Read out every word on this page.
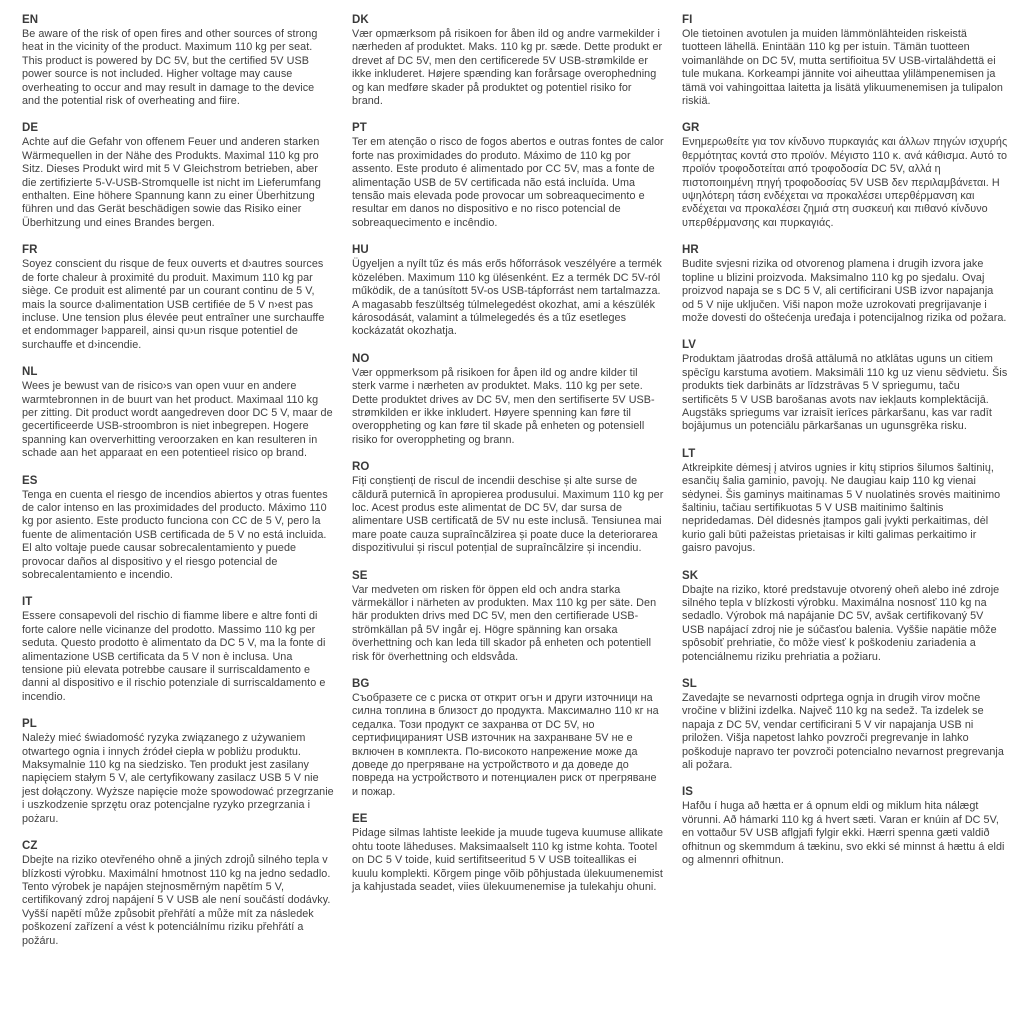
EN

Be aware of the risk of open fires and other sources of strong heat in the vicinity of the product. Maximum 110 kg per seat. This product is powered by DC 5V, but the certified 5V USB power source is not included. Higher voltage may cause overheating to occur and may result in damage to the device and the potential risk of overheating and fiire.

DE

Achte auf die Gefahr von offenem Feuer und anderen starken Wärmequellen in der Nähe des Produkts. Maximal 110 kg pro Sitz. Dieses Produkt wird mit 5 V Gleichstrom betrieben, aber die zertifizierte 5-V-USB-Stromquelle ist nicht im Lieferumfang enthalten. Eine höhere Spannung kann zu einer Überhitzung führen und das Gerät beschädigen sowie das Risiko einer Überhitzung und eines Brandes bergen.

FR

Soyez conscient du risque de feux ouverts et d›autres sources de forte chaleur à proximité du produit. Maximum 110 kg par siège. Ce produit est alimenté par un courant continu de 5 V, mais la source d›alimentation USB certifiée de 5 V n›est pas incluse. Une tension plus élevée peut entraîner une surchauffe et endommager l›appareil, ainsi qu›un risque potentiel de surchauffe et d›incendie.

NL

Wees je bewust van de risico›s van open vuur en andere warmtebronnen in de buurt van het product. Maximaal 110 kg per zitting. Dit product wordt aangedreven door DC 5 V, maar de gecertificeerde USB-stroombron is niet inbegrepen. Hogere spanning kan oververhitting veroorzaken en kan resulteren in schade aan het apparaat en een potentieel risico op brand.

ES

Tenga en cuenta el riesgo de incendios abiertos y otras fuentes de calor intenso en las proximidades del producto. Máximo 110 kg por asiento. Este producto funciona con CC de 5 V, pero la fuente de alimentación USB certificada de 5 V no está incluida. El alto voltaje puede causar sobrecalentamiento y puede provocar daños al dispositivo y el riesgo potencial de sobrecalentamiento e incendio.

IT

Essere consapevoli del rischio di fiamme libere e altre fonti di forte calore nelle vicinanze del prodotto. Massimo 110 kg per seduta. Questo prodotto è alimentato da DC 5 V, ma la fonte di alimentazione USB certificata da 5 V non è inclusa. Una tensione più elevata potrebbe causare il surriscaldamento e danni al dispositivo e il rischio potenziale di surriscaldamento e incendio.

PL

Należy mieć świadomość ryzyka związanego z używaniem otwartego ognia i innych źródeł ciepła w pobliżu produktu. Maksymalnie 110 kg na siedzisko. Ten produkt jest zasilany napięciem stałym 5 V, ale certyfikowany zasilacz USB 5 V nie jest dołączony. Wyższe napięcie może spowodować przegrzanie i uszkodzenie sprzętu oraz potencjalne ryzyko przegrzania i pożaru.

CZ

Dbejte na riziko otevřeného ohně a jiných zdrojů silného tepla v blízkosti výrobku. Maximální hmotnost 110 kg na jedno sedadlo. Tento výrobek je napájen stejnosměrným napětím 5 V, certifikovaný zdroj napájení 5 V USB ale není součástí dodávky. Vyšší napětí může způsobit přehřátí a může mít za následek poškození zařízení a vést k potenciálnímu riziku přehřátí a požáru.

DK

Vær opmærksom på risikoen for åben ild og andre varmekilder i nærheden af produktet. Maks. 110 kg pr. sæde. Dette produkt er drevet af DC 5V, men den certificerede 5V USB-strømkilde er ikke inkluderet. Højere spænding kan forårsage overophedning og kan medføre skader på produktet og potentiel risiko for brand.

PT

Ter em atenção o risco de fogos abertos e outras fontes de calor forte nas proximidades do produto. Máximo de 110 kg por assento. Este produto é alimentado por CC 5V, mas a fonte de alimentação USB de 5V certificada não está incluída. Uma tensão mais elevada pode provocar um sobreaquecimento e resultar em danos no dispositivo e no risco potencial de sobreaquecimento e incêndio.

HU

Ügyeljen a nyílt tűz és más erős hőforrások veszélyére a termék közelében. Maximum 110 kg ülésenként. Ez a termék DC 5V-ról működik, de a tanúsított 5V-os USB-tápforrást nem tartalmazza. A magasabb feszültség túlmelegedést okozhat, ami a készülék károsodását, valamint a túlmelegedés és a tűz esetleges kockázatát okozhatja.

NO

Vær oppmerksom på risikoen for åpen ild og andre kilder til sterk varme i nærheten av produktet. Maks. 110 kg per sete. Dette produktet drives av DC 5V, men den sertifiserte 5V USB-strømkilden er ikke inkludert. Høyere spenning kan føre til overoppheting og kan føre til skade på enheten og potensiell risiko for overoppheting og brann.

RO

Fiți conștienți de riscul de incendii deschise și alte surse de căldură puternică în apropierea produsului. Maximum 110 kg per loc. Acest produs este alimentat de DC 5V, dar sursa de alimentare USB certificată de 5V nu este inclusă. Tensiunea mai mare poate cauza supraîncălzirea și poate duce la deteriorarea dispozitivului și riscul potențial de supraîncălzire și incendiu.

SE

Var medveten om risken för öppen eld och andra starka värmekällor i närheten av produkten. Max 110 kg per säte. Den här produkten drivs med DC 5V, men den certifierade USB-strömkällan på 5V ingår ej. Högre spänning kan orsaka överhettning och kan leda till skador på enheten och potentiell risk för överhettning och eldsvåda.

BG

Съобразете се с риска от открит огън и други източници на силна топлина в близост до продукта. Максимално 110 кг на седалка. Този продукт се захранва от DC 5V, но сертифицираният USB източник на захранване 5V не е включен в комплекта. По-високото напрежение може да доведе до прегряване на устройството и да доведе до повреда на устройството и потенциален риск от прегряване и пожар.

EE

Pidage silmas lahtiste leekide ja muude tugeva kuumuse allikate ohtu toote läheduses. Maksimaalselt 110 kg istme kohta. Tootel on DC 5 V toide, kuid sertifitseeritud 5 V USB toiteallikas ei kuulu komplekti. Kõrgem pinge võib põhjustada ülekuumenemist ja kahjustada seadet, viies ülekuumenemise ja tulekahju ohuni.

FI

Ole tietoinen avotulen ja muiden lämmönlähteiden riskeistä tuotteen lähellä. Enintään 110 kg per istuin. Tämän tuotteen voimanlähde on DC 5V, mutta sertifioitua 5V USB-virtalähdettä ei tule mukana. Korkeampi jännite voi aiheuttaa ylilämpenemisen ja tämä voi vahingoittaa laitetta ja lisätä ylikuumenemisen ja tulipalon riskiä.

GR

Ενημερωθείτε για τον κίνδυνο πυρκαγιάς και άλλων πηγών ισχυρής θερμότητας κοντά στο προϊόν. Μέγιστο 110 κ. ανά κάθισμα. Αυτό το προϊόν τροφοδοτείται από τροφοδοσία DC 5V, αλλά η πιστοποιημένη πηγή τροφοδοσίας 5V USB δεν περιλαμβάνεται. Η υψηλότερη τάση ενδέχεται να προκαλέσει υπερθέρμανση και ενδέχεται να προκαλέσει ζημιά στη συσκευή και πιθανό κίνδυνο υπερθέρμανσης και πυρκαγιάς.

HR

Budite svjesni rizika od otvorenog plamena i drugih izvora jake topline u blizini proizvoda. Maksimalno 110 kg po sjedalu. Ovaj proizvod napaja se s DC 5 V, ali certificirani USB izvor napajanja od 5 V nije uključen. Viši napon može uzrokovati pregrijavanje i može dovesti do oštećenja uređaja i potencijalnog rizika od požara.

LV

Produktam jāatrodas drošā attālumā no atklātas uguns un citiem spēcīgu karstuma avotiem. Maksimāli 110 kg uz vienu sēdvietu. Šis produkts tiek darbināts ar līdzstrāvas 5 V spriegumu, taču sertificēts 5 V USB barošanas avots nav iekļauts komplektācijā. Augstāks spriegums var izraisīt ierīces pārkaršanu, kas var radīt bojājumus un potenciālu pārkaršanas un ugunsgrēka risku.

LT

Atkreipkite dėmesį į atviros ugnies ir kitų stiprios šilumos šaltinių, esančių šalia gaminio, pavojų. Ne daugiau kaip 110 kg vienai sėdynei. Šis gaminys maitinamas 5 V nuolatinės srovės maitinimo šaltiniu, tačiau sertifikuotas 5 V USB maitinimo šaltinis nepridedamas. Dėl didesnės įtampos gali įvykti perkaitimas, dėl kurio gali būti pažeistas prietaisas ir kilti galimas perkaitimo ir gaisro pavojus.

SK

Dbajte na riziko, ktoré predstavuje otvorený oheň alebo iné zdroje silného tepla v blízkosti výrobku. Maximálna nosnosť 110 kg na sedadlo. Výrobok má napájanie DC 5V, avšak certifikovaný 5V USB napájací zdroj nie je súčasťou balenia. Vyššie napätie môže spôsobiť prehriatie, čo môže viesť k poškodeniu zariadenia a potenciálnemu riziku prehriatia a požiaru.

SL

Zavedajte se nevarnosti odprtega ognja in drugih virov močne vročine v bližini izdelka. Največ 110 kg na sedež. Ta izdelek se napaja z DC 5V, vendar certificirani 5 V vir napajanja USB ni priložen. Višja napetost lahko povzroči pregrevanje in lahko poškoduje napravo ter povzroči potencialno nevarnost pregrevanja ali požara.

IS

Hafðu í huga að hætta er á opnum eldi og miklum hita nálægt vörunni. Að hámarki 110 kg á hvert sæti. Varan er knúin af DC 5V, en vottaður 5V USB aflgjafi fylgir ekki. Hærri spenna gæti valdið ofhitnun og skemmdum á tækinu, svo ekki sé minnst á hættu á eldi og almennri ofhitnun.
